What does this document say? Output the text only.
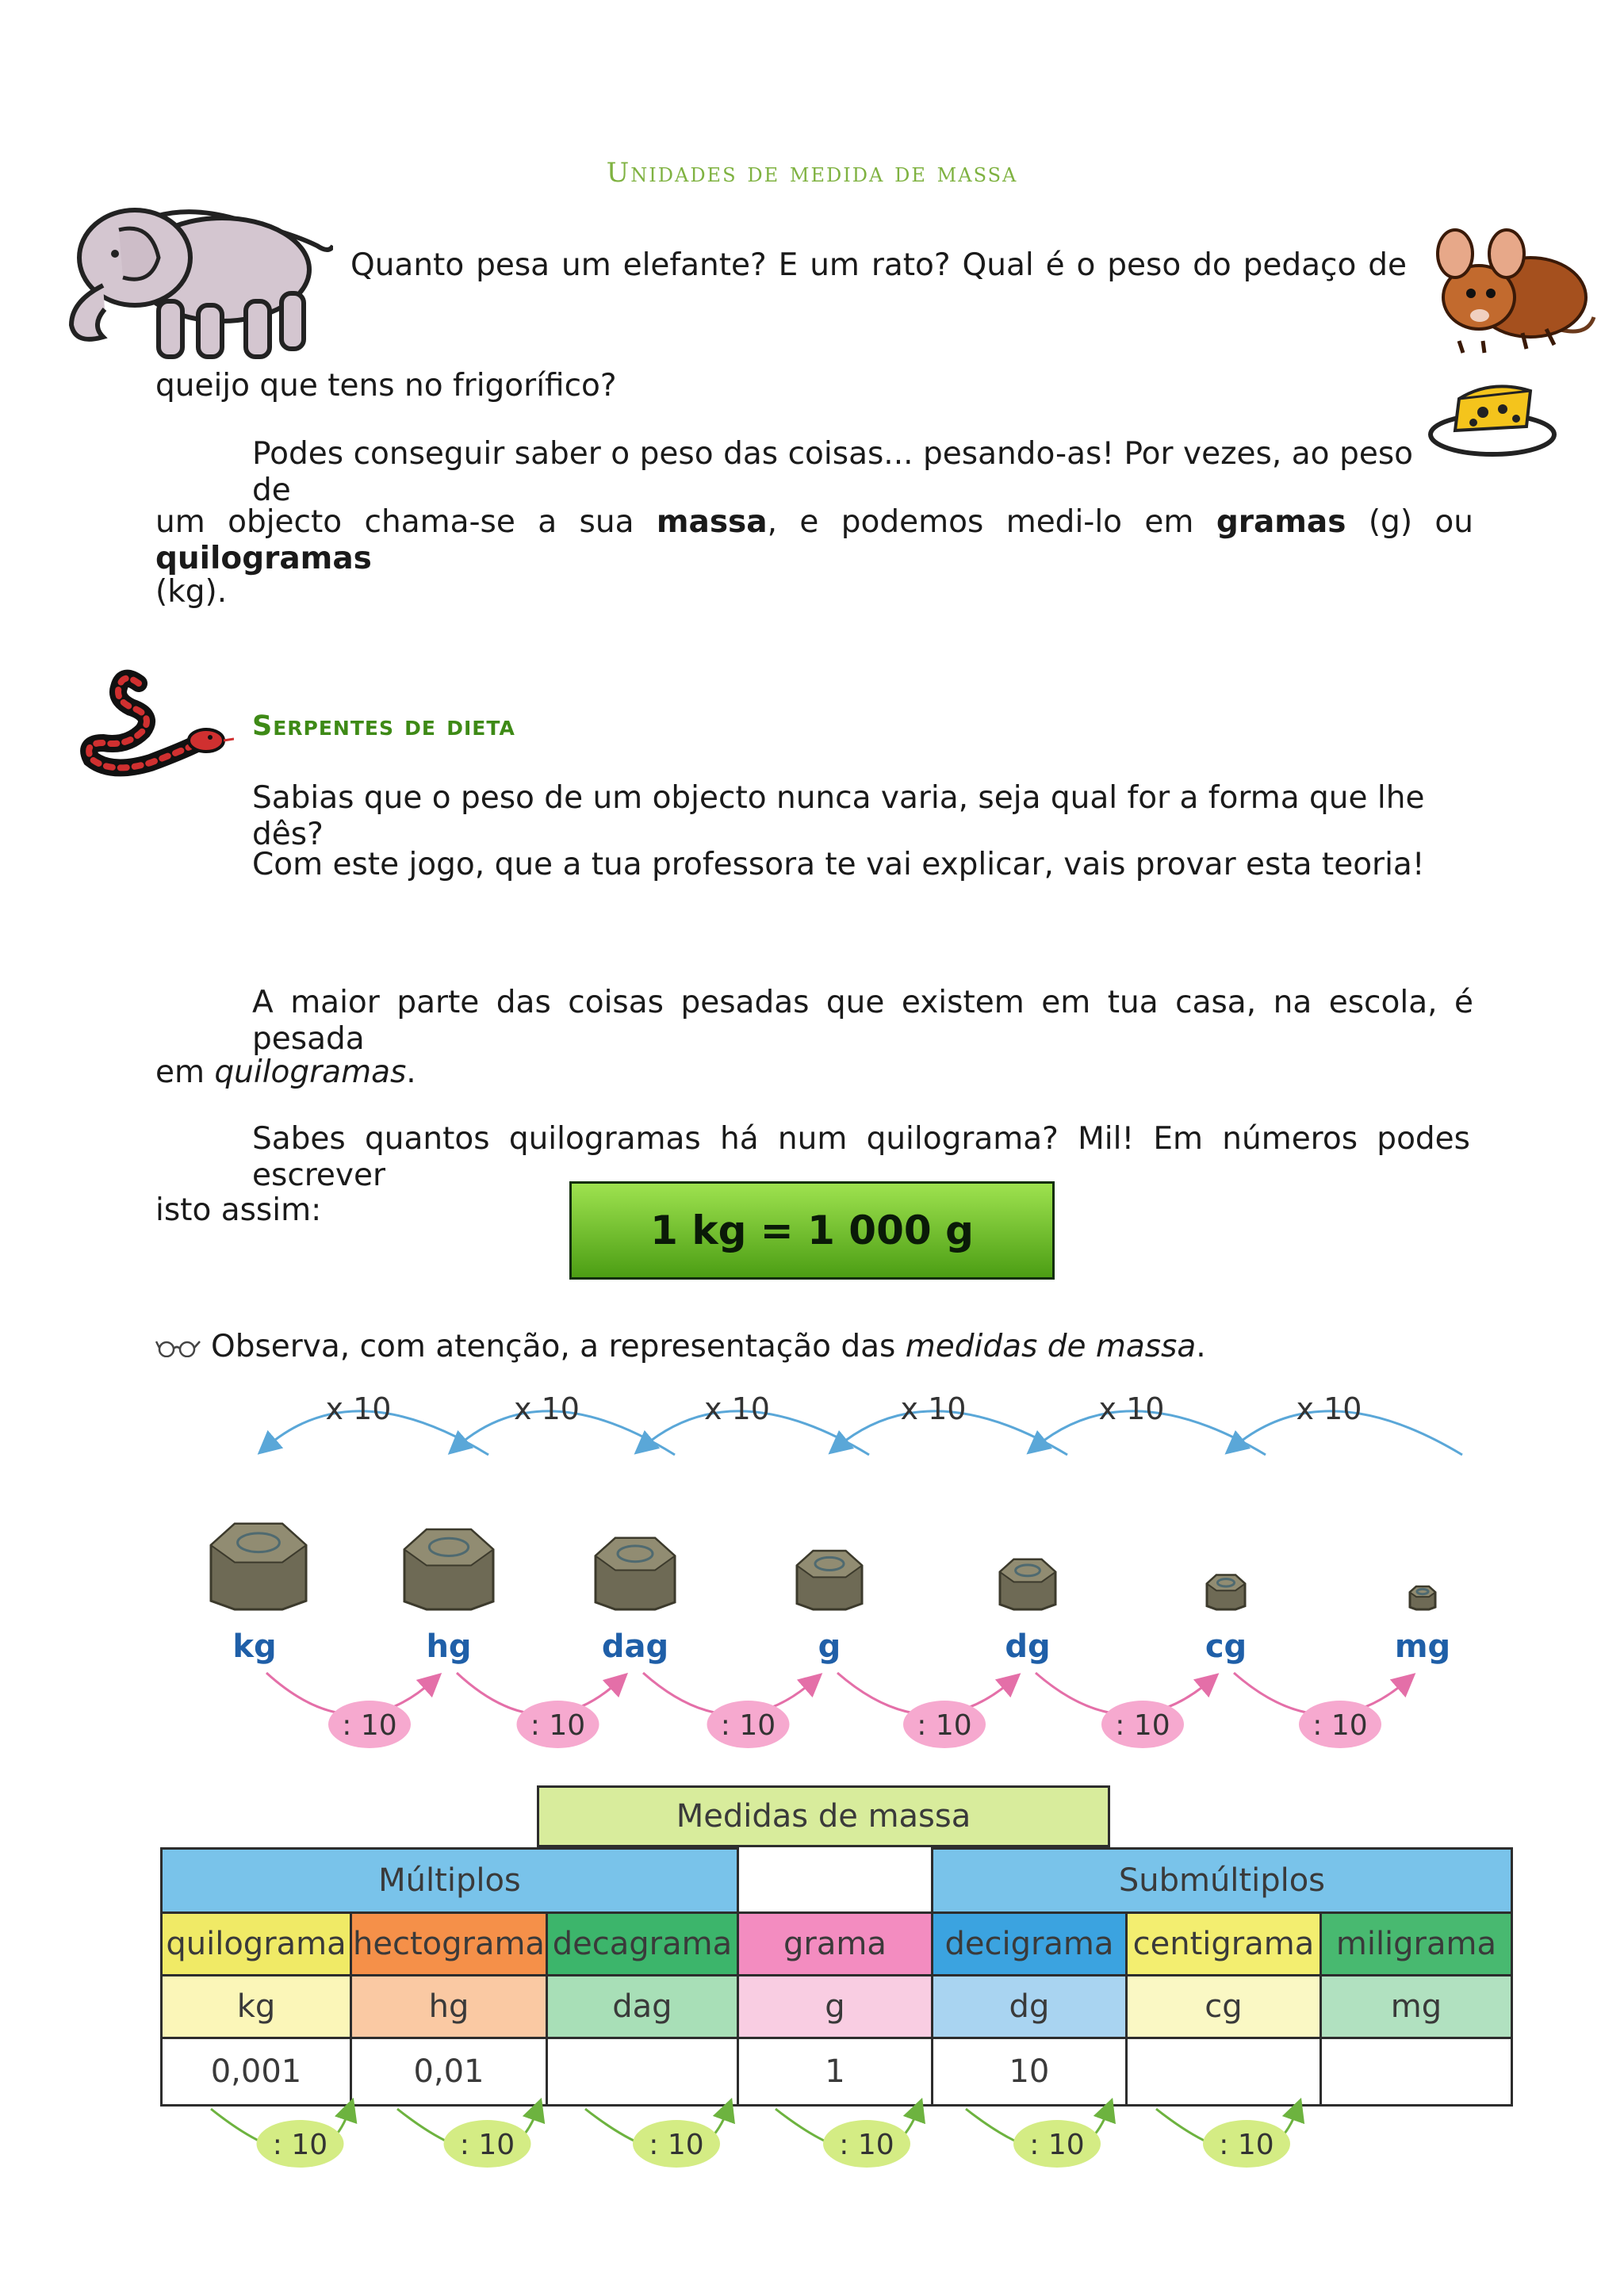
Unidades de medida de massa
Quanto pesa um elefante? E um rato? Qual é o peso do pedaço de
queijo que tens no frigorífico?
Podes conseguir saber o peso das coisas... pesando-as! Por vezes, ao peso de
um objecto chama-se a sua massa, e podemos medi-lo em gramas (g) ou quilogramas
(kg).
Serpentes de dieta
Sabias que o peso de um objecto nunca varia, seja qual for a forma que lhe dês?
Com este jogo, que a tua professora te vai explicar, vais provar esta teoria!
A maior parte das coisas pesadas que existem em tua casa, na escola, é pesada
em quilogramas.
Sabes quantos quilogramas há num quilograma? Mil! Em números podes escrever
isto assim:	1 kg = 1 000 g
Observa, com atenção, a representação das medidas de massa.
x 10	x 10	x 10	x 10	x 10	x 10
kg	hg	dag	g	dg	cg	mg
: 10	: 10	: 10	: 10	: 10	: 10
Medidas de massa
Múltiplos				Submúltiplos		
quilograma	hectograma	decagrama	grama	decigrama	centigrama	miligrama
kg	hg	dag	g	dg	cg	mg
0,001	0,01		1	10		
: 10	: 10	: 10	: 10	: 10	: 10
